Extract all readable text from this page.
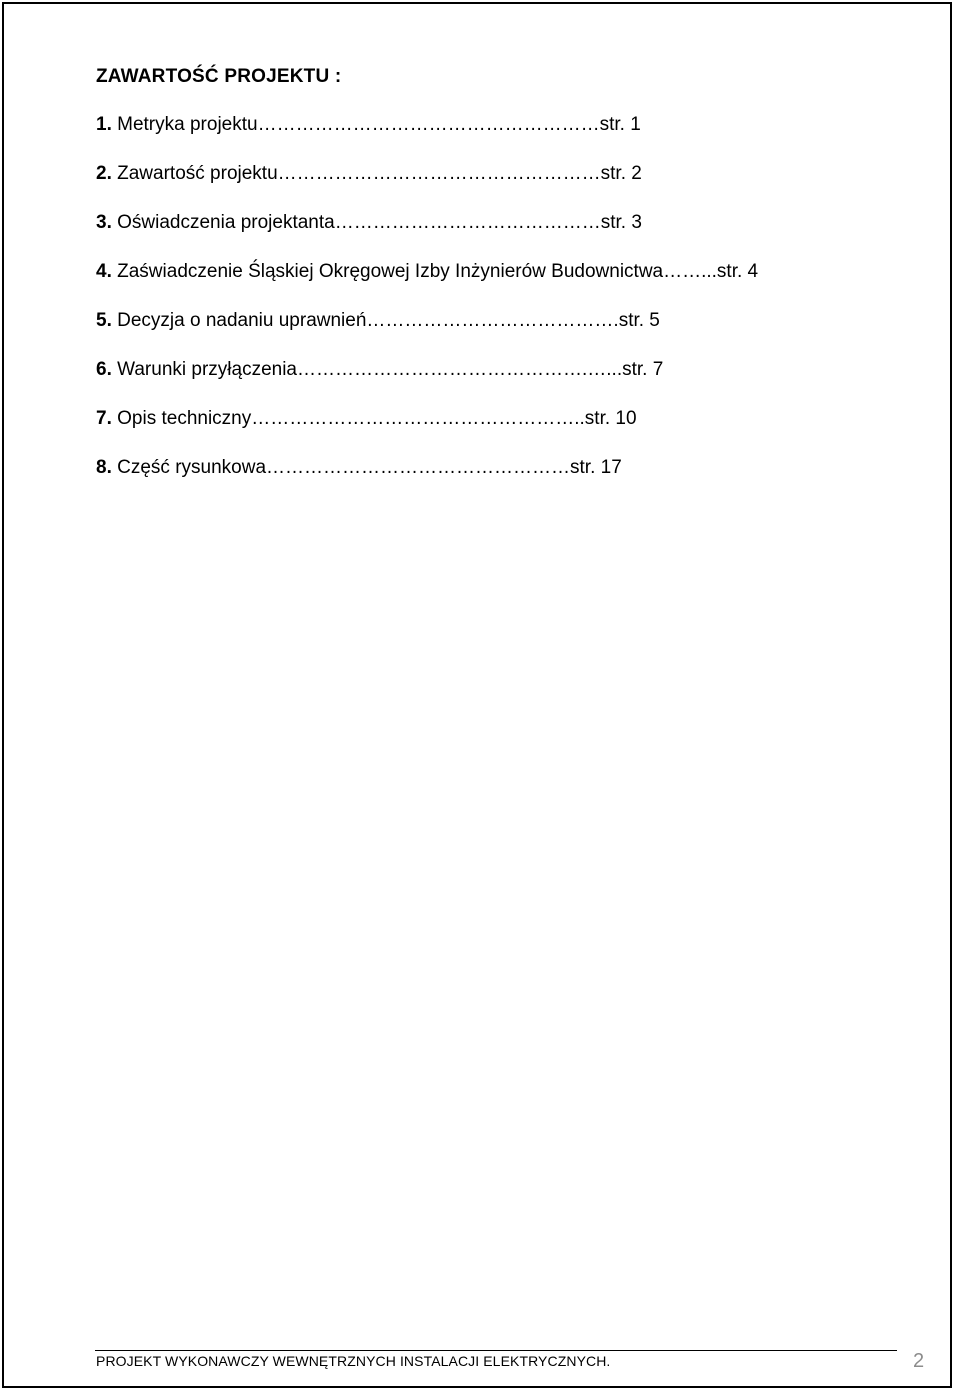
ZAWARTOŚĆ PROJEKTU :
1. Metryka projektu………………………………………………str. 1
2. Zawartość projektu……………………………………………str. 2
3. Oświadczenia projektanta……………………………………str. 3
4. Zaświadczenie Śląskiej Okręgowej Izby Inżynierów Budownictwa……...str. 4
5. Decyzja o nadaniu uprawnień………………………………….str. 5
6. Warunki przyłączenia……………………………………….…...str. 7
7. Opis techniczny……………………………………………..str. 10
8. Część rysunkowa…………………………………………str. 17
PROJEKT WYKONAWCZY WEWNĘTRZNYCH INSTALACJI ELEKTRYCZNYCH.	2
